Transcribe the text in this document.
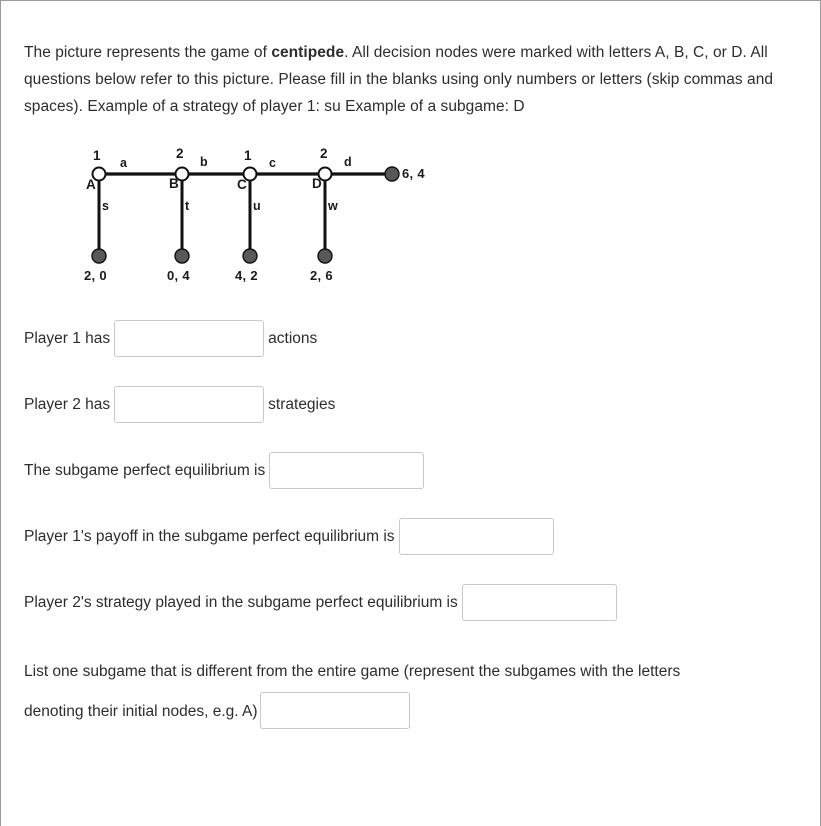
The picture represents the game of centipede. All decision nodes were marked with letters A, B, C, or D. All questions below refer to this picture. Please fill in the blanks using only numbers or letters (skip commas and spaces). Example of a strategy of player 1: su Example of a subgame: D
1	2	1	2
A	B	C	D
a	b	c	d
s	t	u	w
2, 0	0, 4	4, 2	2, 6
6, 4
Player 1 has	actions
Player 2 has	strategies
The subgame perfect equilibrium is
Player 1's payoff in the subgame perfect equilibrium is
Player 2's strategy played in the subgame perfect equilibrium is
List one subgame that is different from the entire game (represent the subgames with the letters
denoting their initial nodes, e.g. A)
